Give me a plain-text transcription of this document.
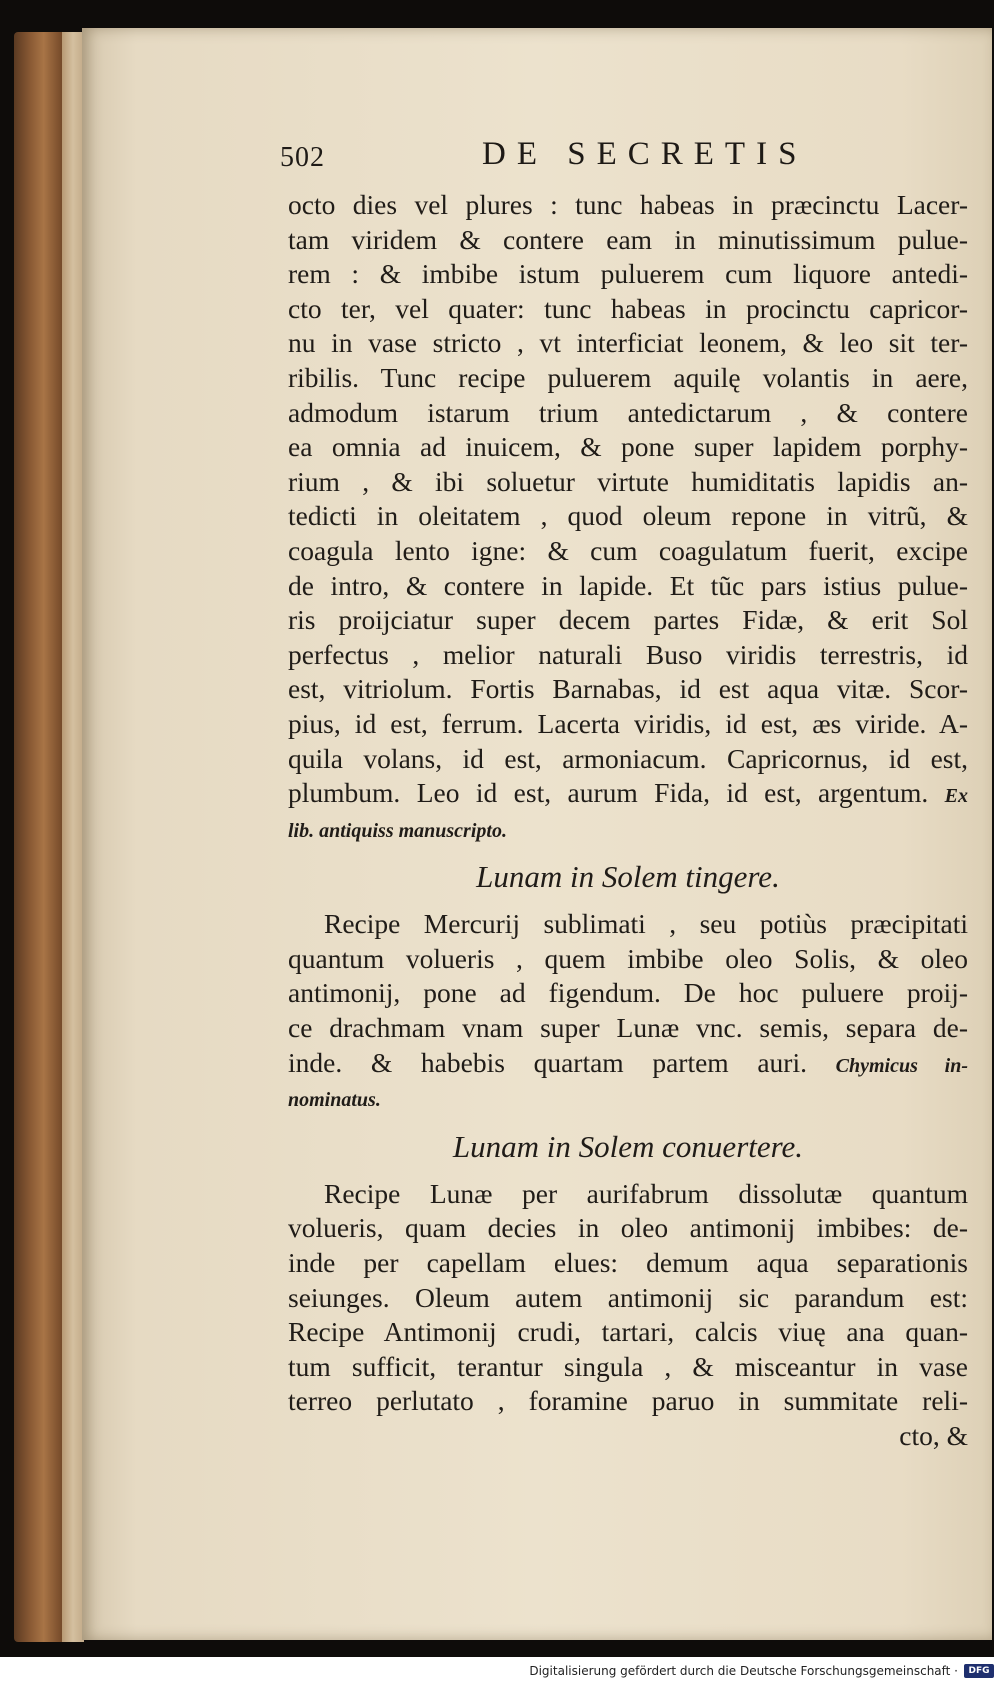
502	DE SECRETIS
octo dies vel plures : tunc habeas in præcinctu Lacer-
tam viridem & contere eam in minutissimum pulue-
rem : & imbibe istum puluerem cum liquore antedi-
cto ter, vel quater: tunc habeas in procinctu capricor-
nu in vase stricto , vt interficiat leonem, & leo sit ter-
ribilis. Tunc recipe puluerem aquilę volantis in aere,
admodum istarum trium antedictarum , & contere
ea omnia ad inuicem, & pone super lapidem porphy-
rium , & ibi soluetur virtute humiditatis lapidis an-
tedicti in oleitatem , quod oleum repone in vitrũ, &
coagula lento igne: & cum coagulatum fuerit, excipe
de intro, & contere in lapide. Et tũc pars istius pulue-
ris proijciatur super decem partes Fidæ, & erit Sol
perfectus , melior naturali Buso viridis terrestris, id
est, vitriolum. Fortis Barnabas, id est aqua vitæ. Scor-
pius, id est, ferrum. Lacerta viridis, id est, æs viride. A-
quila volans, id est, armoniacum. Capricornus, id est,
plumbum. Leo id est, aurum Fida, id est, argentum. Ex
lib. antiquiss manuscripto.
Lunam in Solem tingere.
Recipe Mercurij sublimati , seu potiùs præcipitati
quantum volueris , quem imbibe oleo Solis, & oleo
antimonij, pone ad figendum. De hoc puluere proij-
ce drachmam vnam super Lunæ vnc. semis, separa de-
inde. & habebis quartam partem auri. Chymicus in-
nominatus.
Lunam in Solem conuertere.
Recipe Lunæ per aurifabrum dissolutæ quantum
volueris, quam decies in oleo antimonij imbibes: de-
inde per capellam elues: demum aqua separationis
seiunges. Oleum autem antimonij sic parandum est:
Recipe Antimonij crudi, tartari, calcis viuę ana quan-
tum sufficit, terantur singula , & misceantur in vase
terreo perlutato , foramine paruo in summitate reli-
cto, &
Digitalisierung gefördert durch die Deutsche Forschungsgemeinschaft ·	DFG
